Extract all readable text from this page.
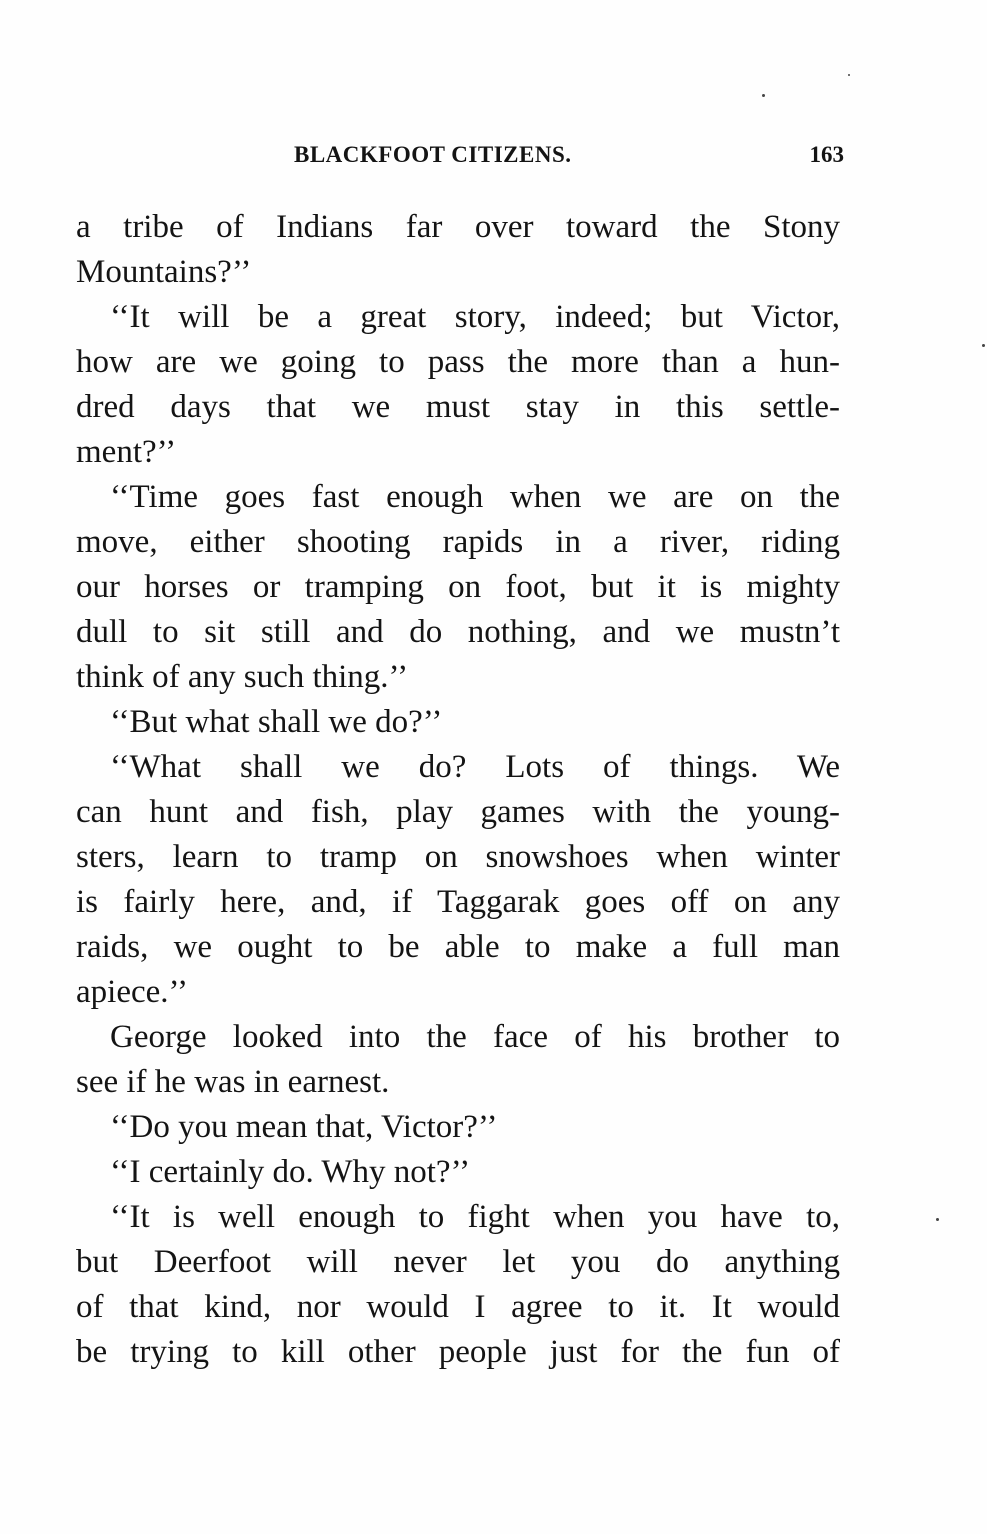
BLACKFOOT CITIZENS.	163
a tribe of Indians far over toward the Stony
Mountains?’’
‘‘It will be a great story, indeed; but Victor,
how are we going to pass the more than a hun-
dred days that we must stay in this settle-
ment?’’
‘‘Time goes fast enough when we are on the
move, either shooting rapids in a river, riding
our horses or tramping on foot, but it is mighty
dull to sit still and do nothing, and we mustn’t
think of any such thing.’’
‘‘But what shall we do?’’
‘‘What shall we do? Lots of things. We
can hunt and fish, play games with the young-
sters, learn to tramp on snowshoes when winter
is fairly here, and, if Taggarak goes off on any
raids, we ought to be able to make a full man
apiece.’’
George looked into the face of his brother to
see if he was in earnest.
‘‘Do you mean that, Victor?’’
‘‘I certainly do. Why not?’’
‘‘It is well enough to fight when you have to,
but Deerfoot will never let you do anything
of that kind, nor would I agree to it. It would
be trying to kill other people just for the fun of
